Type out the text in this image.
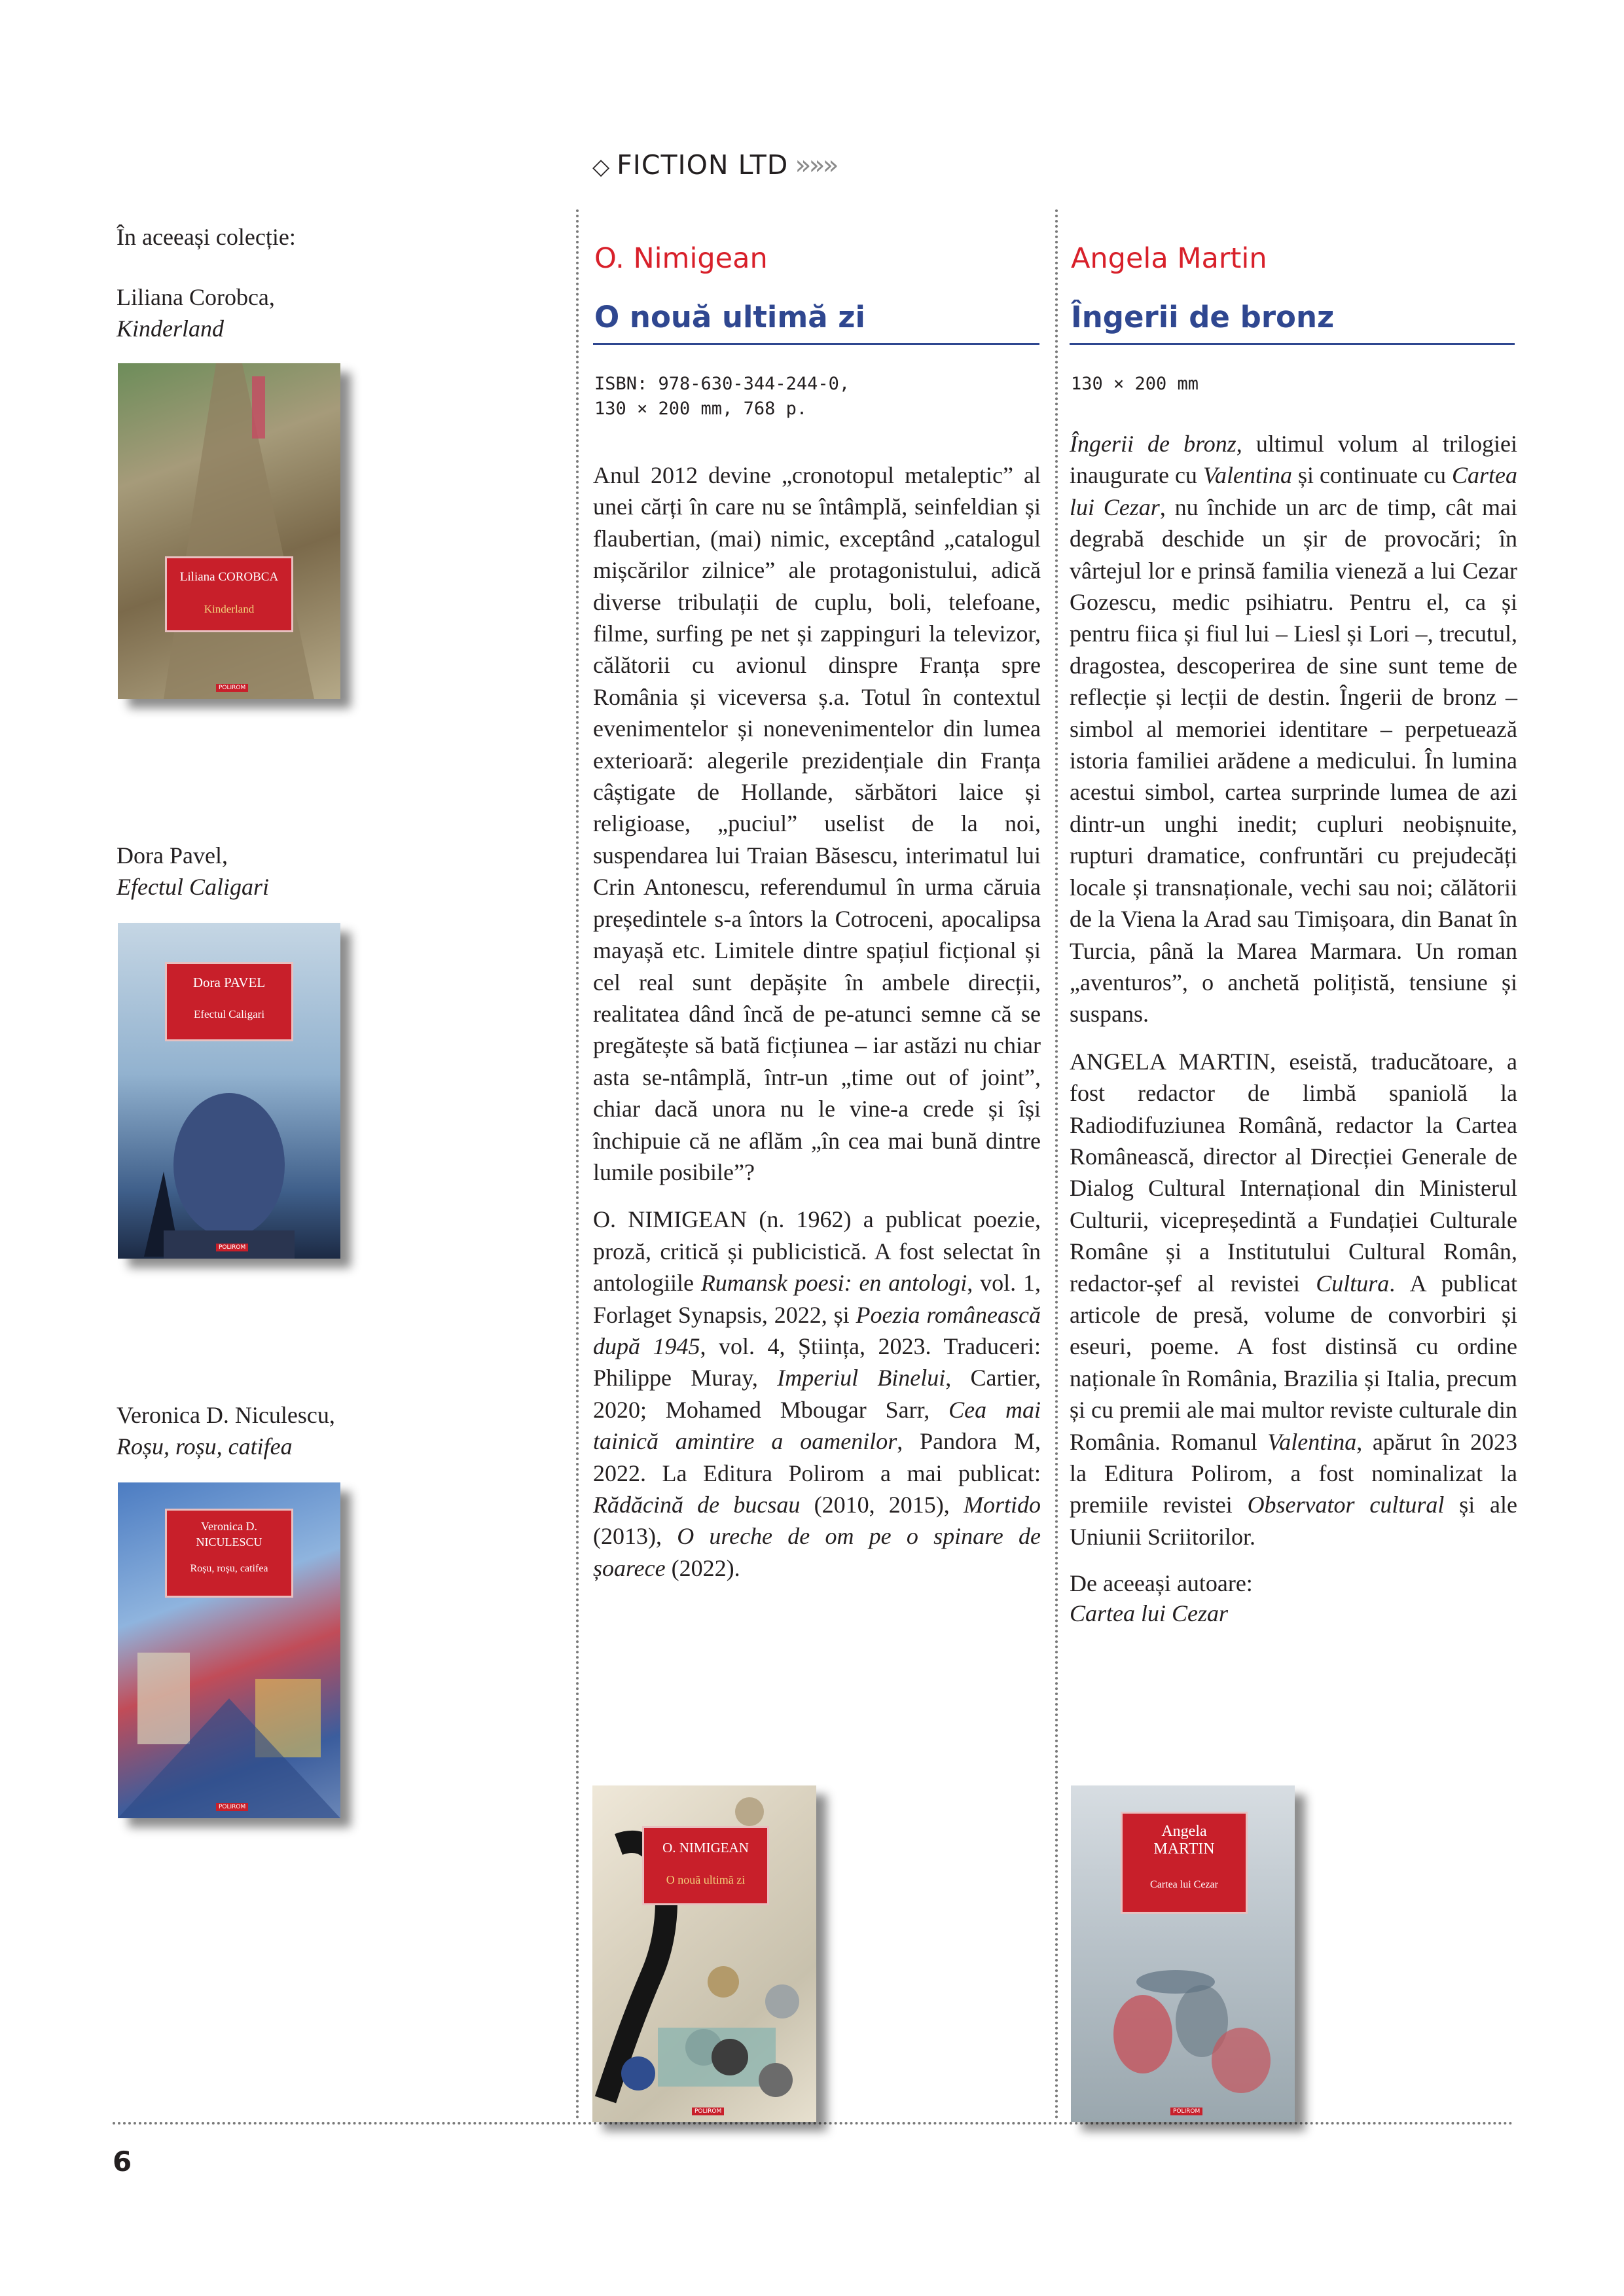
◇ FICTION LTD »»»
În aceeași colecție:
Liliana Corobca,
Kinderland
Liliana COROBCA
Kinderland
POLIROM
Dora Pavel,
Efectul Caligari
Dora PAVEL
Efectul Caligari
POLIROM
Veronica D. Niculescu,
Roșu, roșu, catifea
Veronica D. NICULESCU
Roșu, roșu, catifea
POLIROM
O. Nimigean
O nouă ultimă zi
ISBN: 978-630-344-244-0,
130 × 200 mm, 768 p.

Anul 2012 devine „cronotopul metaleptic” al unei cărți în care nu se întâmplă, seinfeldian și flaubertian, (mai) nimic, exceptând „catalogul mișcărilor zilnice” ale protagonistului, adică diverse tribulații de cuplu, boli, telefoane, filme, surfing pe net și zappinguri la televizor, călătorii cu avionul dinspre Franța spre România și viceversa ș.a. Totul în contextul evenimentelor și nonevenimentelor din lumea exterioară: alegerile prezidențiale din Franța câștigate de Hollande, sărbători laice și religioase, „puciul” uselist de la noi, suspendarea lui Traian Băsescu, interimatul lui Crin Antonescu, referendumul în urma căruia președintele s-a întors la Cotroceni, apocalipsa mayașă etc. Limitele dintre spațiul ficțional și cel real sunt depășite în ambele direcții, realitatea dând încă de pe-atunci semne că se pregătește să bată ficțiunea – iar astăzi nu chiar asta se-ntâmplă, într-un „time out of joint”, chiar dacă unora nu le vine-a crede și își închipuie că ne aflăm „în cea mai bună dintre lumile posibile”?

O. NIMIGEAN (n. 1962) a publicat poezie, proză, critică și publicistică. A fost selectat în antologiile Rumansk poesi: en antologi, vol. 1, Forlaget Synapsis, 2022, și Poezia românească după 1945, vol. 4, Știința, 2023. Traduceri: Philippe Muray, Imperiul Binelui, Cartier, 2020; Mohamed Mbougar Sarr, Cea mai tainică amintire a oamenilor, Pandora M, 2022. La Editura Polirom a mai publicat: Rădăcină de bucsau (2010, 2015), Mortido (2013), O ureche de om pe o spinare de șoarece (2022).

O. NIMIGEAN
O nouă ultimă zi
POLIROM
Angela Martin
Îngerii de bronz
130 × 200 mm

Îngerii de bronz, ultimul volum al trilogiei inaugurate cu Valentina și continuate cu Cartea lui Cezar, nu închide un arc de timp, cât mai degrabă deschide un șir de provocări; în vârtejul lor e prinsă familia vieneză a lui Cezar Gozescu, medic psihiatru. Pentru el, ca și pentru fiica și fiul lui – Liesl și Lori –, trecutul, dragostea, descoperirea de sine sunt teme de reflecție și lecții de destin. Îngerii de bronz – simbol al memoriei identitare – perpetuează istoria familiei arădene a medicului. În lumina acestui simbol, cartea surprinde lumea de azi dintr-un unghi inedit; cupluri neobișnuite, rupturi dramatice, confruntări cu prejudecăți locale și transnaționale, vechi sau noi; călătorii de la Viena la Arad sau Timișoara, din Banat în Turcia, până la Marea Marmara. Un roman „aventuros”, o anchetă polițistă, tensiune și suspans.

ANGELA MARTIN, eseistă, traducătoare, a fost redactor de limbă spaniolă la Radiodifuziunea Română, redactor la Cartea Românească, director al Direcției Generale de Dialog Cultural Internațional din Ministerul Culturii, vicepreședintă a Fundației Culturale Române și a Institutului Cultural Român, redactor-șef al revistei Cultura. A publicat articole de presă, volume de convorbiri și eseuri, poeme. A fost distinsă cu ordine naționale în România, Brazilia și Italia, precum și cu premii ale mai multor reviste culturale din România. Romanul Valentina, apărut în 2023 la Editura Polirom, a fost nominalizat la premiile revistei Observator cultural și ale Uniunii Scriitorilor.

De aceeași autoare:
Cartea lui Cezar

Angela
MARTIN
Cartea lui Cezar
POLIROM
6
